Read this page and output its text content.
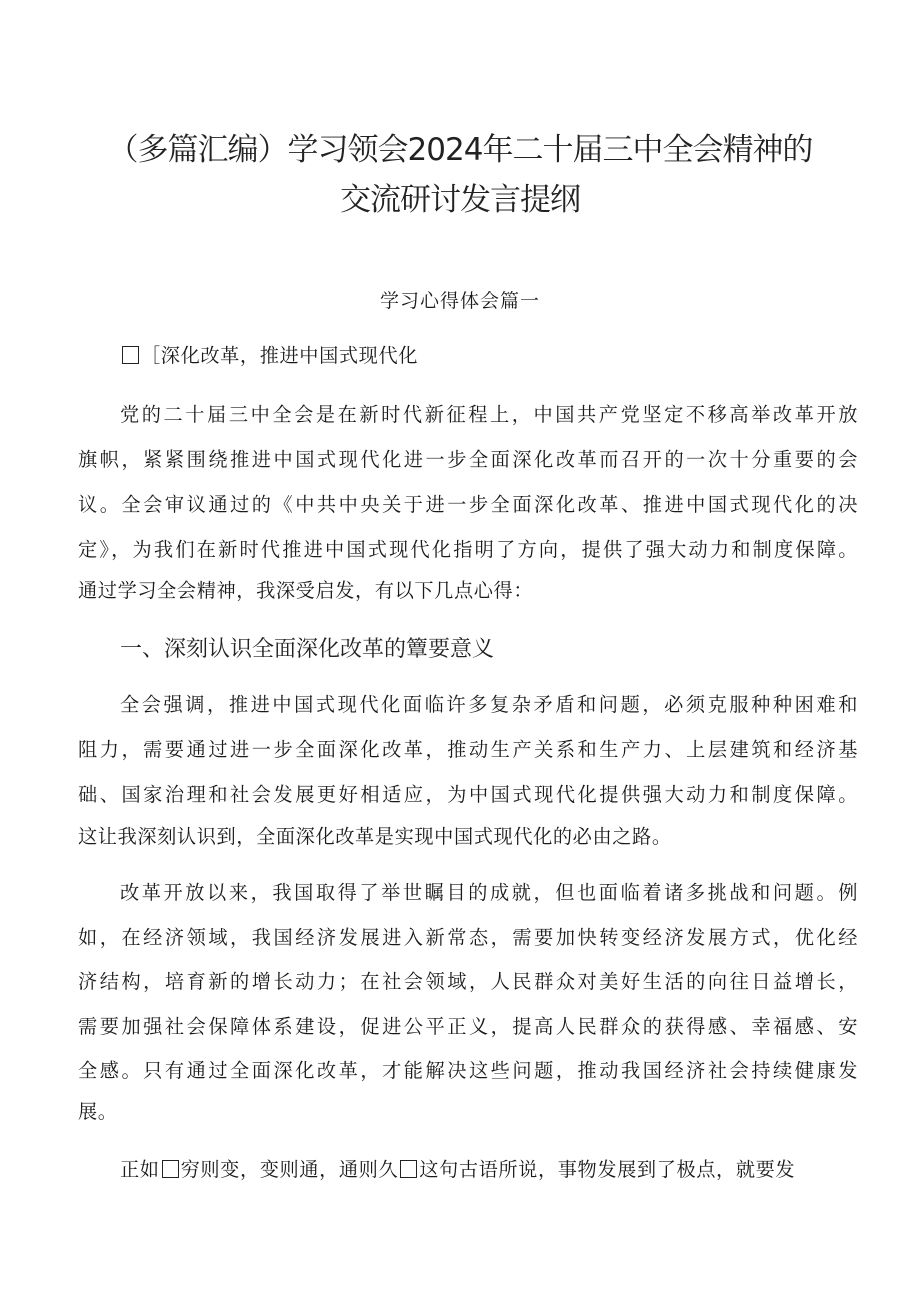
（多篇汇编）学习领会2024年二十届三中全会精神的
交流研讨发言提纲
学习心得体会篇一
［深化改革，推进中国式现代化
党的二十届三中全会是在新时代新征程上，中国共产党坚定不移高举改革开放
旗帜，紧紧围绕推进中国式现代化进一步全面深化改革而召开的一次十分重要的会
议。全会审议通过的《中共中央关于进一步全面深化改革、推进中国式现代化的决
定》，为我们在新时代推进中国式现代化指明了方向，提供了强大动力和制度保障。
通过学习全会精神，我深受启发，有以下几点心得：
一、深刻认识全面深化改革的簟要意义
全会强调，推进中国式现代化面临许多复杂矛盾和问题，必须克服种种困难和
阻力，需要通过进一步全面深化改革，推动生产关系和生产力、上层建筑和经济基
础、国家治理和社会发展更好相适应，为中国式现代化提供强大动力和制度保障。
这让我深刻认识到，全面深化改革是实现中国式现代化的必由之路。
改革开放以来，我国取得了举世瞩目的成就，但也面临着诸多挑战和问题。例
如，在经济领域，我国经济发展进入新常态，需要加快转变经济发展方式，优化经
济结构，培育新的增长动力；在社会领域，人民群众对美好生活的向往日益增长，
需要加强社会保障体系建设，促进公平正义，提高人民群众的获得感、幸福感、安
全感。只有通过全面深化改革，才能解决这些问题，推动我国经济社会持续健康发
展。
正如 穷则变，变则通，通则久 这句古语所说，事物发展到了极点，就要发
